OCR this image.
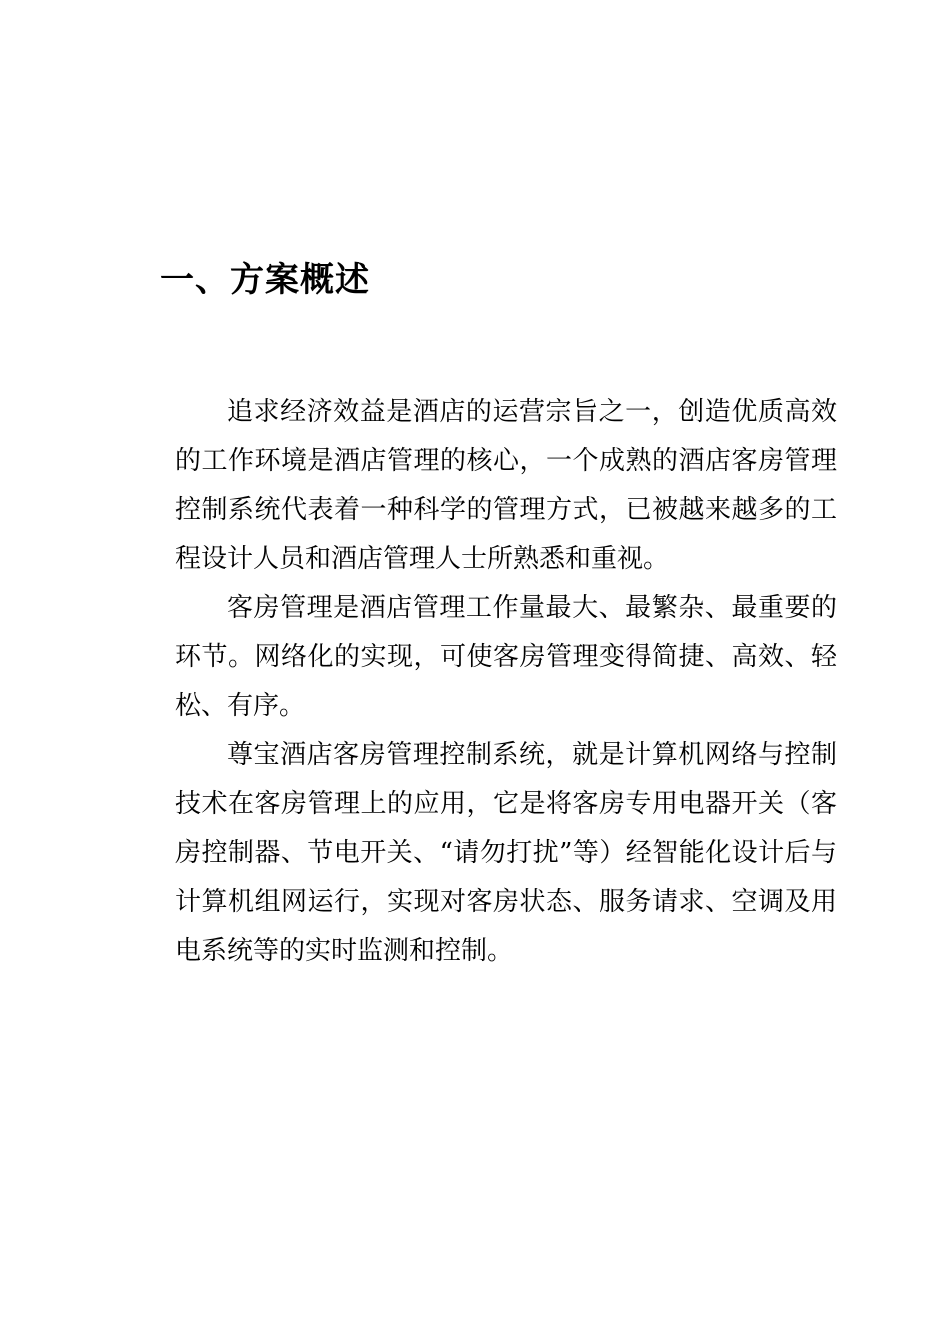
一、方案概述

追求经济效益是酒店的运营宗旨之一，创造优质高效的工作环境是酒店管理的核心，一个成熟的酒店客房管理控制系统代表着一种科学的管理方式，已被越来越多的工程设计人员和酒店管理人士所熟悉和重视。

客房管理是酒店管理工作量最大、最繁杂、最重要的环节。网络化的实现，可使客房管理变得简捷、高效、轻松、有序。

尊宝酒店客房管理控制系统，就是计算机网络与控制技术在客房管理上的应用，它是将客房专用电器开关（客房控制器、节电开关、“请勿打扰”等）经智能化设计后与计算机组网运行，实现对客房状态、服务请求、空调及用电系统等的实时监测和控制。
